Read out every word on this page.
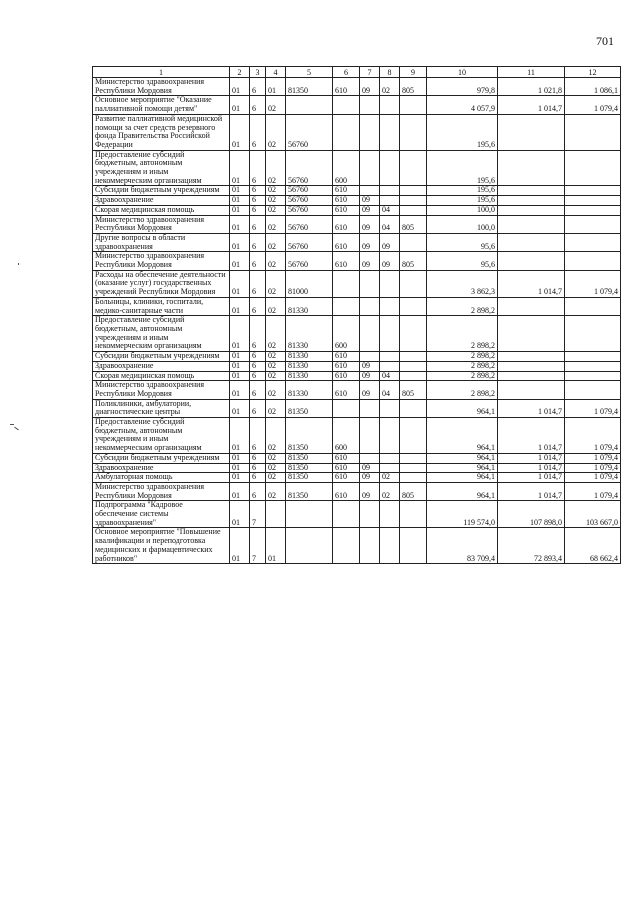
701
1	2	3	4	5	6	7	8	9	10	11	12
Министерство здравоохранения Республики Мордовия	01	6	01	81350	610	09	02	805	979,8	1 021,8	1 086,1
Основное мероприятие "Оказание паллиативной помощи детям"	01	6	02						4 057,9	1 014,7	1 079,4
Развитие паллиативной медицинской помощи за счет средств резервного фонда Правительства Российской Федерации	01	6	02	56760					195,6		
Предоставление субсидий бюджетным, автономным учреждениям и иным некоммерческим организациям	01	6	02	56760	600				195,6		
Субсидии бюджетным учреждениям	01	6	02	56760	610				195,6		
Здравоохранение	01	6	02	56760	610	09			195,6		
Скорая медицинская помощь	01	6	02	56760	610	09	04		100,0		
Министерство здравоохранения Республики Мордовия	01	6	02	56760	610	09	04	805	100,0		
Другие вопросы в области здравоохранения	01	6	02	56760	610	09	09		95,6		
Министерство здравоохранения Республики Мордовия	01	6	02	56760	610	09	09	805	95,6		
Расходы на обеспечение деятельности (оказание услуг) государственных учреждений Республики Мордовия	01	6	02	81000					3 862,3	1 014,7	1 079,4
Больницы, клиники, госпитали, медико-санитарные части	01	6	02	81330					2 898,2		
Предоставление субсидий бюджетным, автономным учреждениям и иным некоммерческим организациям	01	6	02	81330	600				2 898,2		
Субсидии бюджетным учреждениям	01	6	02	81330	610				2 898,2		
Здравоохранение	01	6	02	81330	610	09			2 898,2		
Скорая медицинская помощь	01	6	02	81330	610	09	04		2 898,2		
Министерство здравоохранения Республики Мордовия	01	6	02	81330	610	09	04	805	2 898,2		
Поликлиники, амбулатории, диагностические центры	01	6	02	81350					964,1	1 014,7	1 079,4
Предоставление субсидий бюджетным, автономным учреждениям и иным некоммерческим организациям	01	6	02	81350	600				964,1	1 014,7	1 079,4
Субсидии бюджетным учреждениям	01	6	02	81350	610				964,1	1 014,7	1 079,4
Здравоохранение	01	6	02	81350	610	09			964,1	1 014,7	1 079,4
Амбулаторная помощь	01	6	02	81350	610	09	02		964,1	1 014,7	1 079,4
Министерство здравоохранения Республики Мордовия	01	6	02	81350	610	09	02	805	964,1	1 014,7	1 079,4
Подпрограмма "Кадровое обеспечение системы здравоохранения"	01	7							119 574,0	107 898,0	103 667,0
Основное мероприятие "Повышение квалификации и переподготовка медицинских и фармацевтических работников"	01	7	01						83 709,4	72 893,4	68 662,4
